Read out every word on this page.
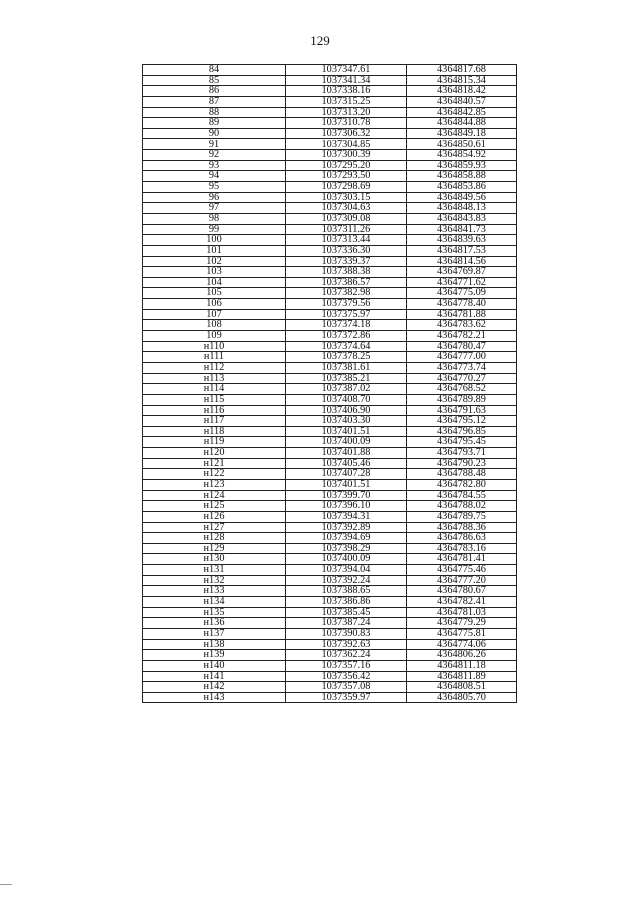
129
84	1037347.61	4364817.68
85	1037341.34	4364815.34
86	1037338.16	4364818.42
87	1037315.25	4364840.57
88	1037313.20	4364842.85
89	1037310.78	4364844.88
90	1037306.32	4364849.18
91	1037304.85	4364850.61
92	1037300.39	4364854.92
93	1037295.20	4364859.93
94	1037293.50	4364858.88
95	1037298.69	4364853.86
96	1037303.15	4364849.56
97	1037304.63	4364848.13
98	1037309.08	4364843.83
99	1037311.26	4364841.73
100	1037313.44	4364839.63
101	1037336.30	4364817.53
102	1037339.37	4364814.56
103	1037388.38	4364769.87
104	1037386.57	4364771.62
105	1037382.98	4364775.09
106	1037379.56	4364778.40
107	1037375.97	4364781.88
108	1037374.18	4364783.62
109	1037372.86	4364782.21
н110	1037374.64	4364780.47
н111	1037378.25	4364777.00
н112	1037381.61	4364773.74
н113	1037385.21	4364770.27
н114	1037387.02	4364768.52
н115	1037408.70	4364789.89
н116	1037406.90	4364791.63
н117	1037403.30	4364795.12
н118	1037401.51	4364796.85
н119	1037400.09	4364795.45
н120	1037401.88	4364793.71
н121	1037405.46	4364790.23
н122	1037407.28	4364788.48
н123	1037401.51	4364782.80
н124	1037399.70	4364784.55
н125	1037396.10	4364788.02
н126	1037394.31	4364789.75
н127	1037392.89	4364788.36
н128	1037394.69	4364786.63
н129	1037398.29	4364783.16
н130	1037400.09	4364781.41
н131	1037394.04	4364775.46
н132	1037392.24	4364777.20
н133	1037388.65	4364780.67
н134	1037386.86	4364782.41
н135	1037385.45	4364781.03
н136	1037387.24	4364779.29
н137	1037390.83	4364775.81
н138	1037392.63	4364774.06
н139	1037362.24	4364806.26
н140	1037357.16	4364811.18
н141	1037356.42	4364811.89
н142	1037357.08	4364808.51
н143	1037359.97	4364805.70
